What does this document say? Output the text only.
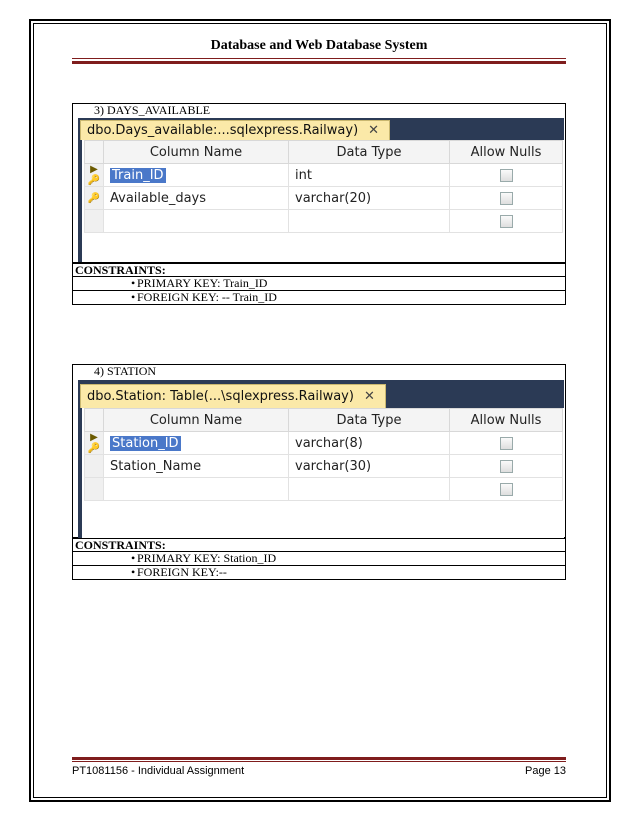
Database and Web Database System
3) DAYS_AVAILABLE
dbo.Days_available:...sqlexpress.Railway) ✕
	Column Name	Data Type	Allow Nulls
▶🔑	Train_ID	int	
🔑	Available_days	varchar(20)	

CONSTRAINTS:
• PRIMARY KEY: Train_ID
• FOREIGN KEY: -- Train_ID
4) STATION
dbo.Station: Table(...\sqlexpress.Railway) ✕
	Column Name	Data Type	Allow Nulls
▶🔑	Station_ID	varchar(8)	
	Station_Name	varchar(30)	

CONSTRAINTS:
• PRIMARY KEY: Station_ID
• FOREIGN KEY:--
PT1081156 - Individual Assignment	Page 13
